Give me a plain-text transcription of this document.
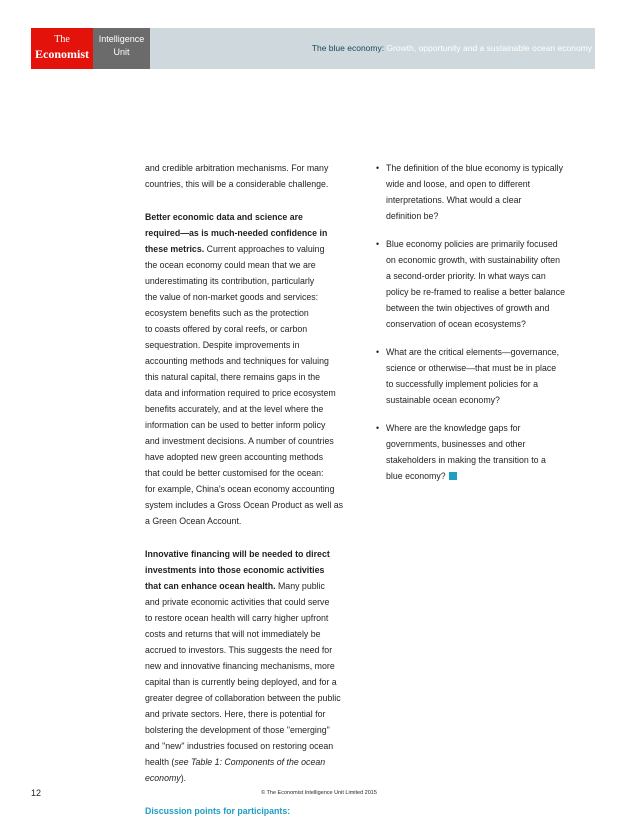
The
Economist
Intelligence
Unit	The blue economy: Growth, opportunity and a sustainable ocean economy

and credible arbitration mechanisms. For many
countries, this will be a considerable challenge.

Better economic data and science are
required—as is much-needed confidence in
these metrics. Current approaches to valuing
the ocean economy could mean that we are
underestimating its contribution, particularly
the value of non-market goods and services:
ecosystem benefits such as the protection
to coasts offered by coral reefs, or carbon
sequestration. Despite improvements in
accounting methods and techniques for valuing
this natural capital, there remains gaps in the
data and information required to price ecosystem
benefits accurately, and at the level where the
information can be used to better inform policy
and investment decisions. A number of countries
have adopted new green accounting methods
that could be better customised for the ocean:
for example, China's ocean economy accounting
system includes a Gross Ocean Product as well as
a Green Ocean Account.

Innovative financing will be needed to direct
investments into those economic activities
that can enhance ocean health. Many public
and private economic activities that could serve
to restore ocean health will carry higher upfront
costs and returns that will not immediately be
accrued to investors. This suggests the need for
new and innovative financing mechanisms, more
capital than is currently being deployed, and for a
greater degree of collaboration between the public
and private sectors. Here, there is potential for
bolstering the development of those "emerging"
and "new" industries focused on restoring ocean
health (see Table 1: Components of the ocean
economy).

Discussion points for participants:

• The definition of the blue economy is typically
wide and loose, and open to different
interpretations. What would a clear
definition be?
• Blue economy policies are primarily focused
on economic growth, with sustainability often
a second-order priority. In what ways can
policy be re-framed to realise a better balance
between the twin objectives of growth and
conservation of ocean ecosystems?
• What are the critical elements—governance,
science or otherwise—that must be in place
to successfully implement policies for a
sustainable ocean economy?
• Where are the knowledge gaps for
governments, businesses and other
stakeholders in making the transition to a
blue economy?
12	© The Economist Intelligence Unit Limited 2015
